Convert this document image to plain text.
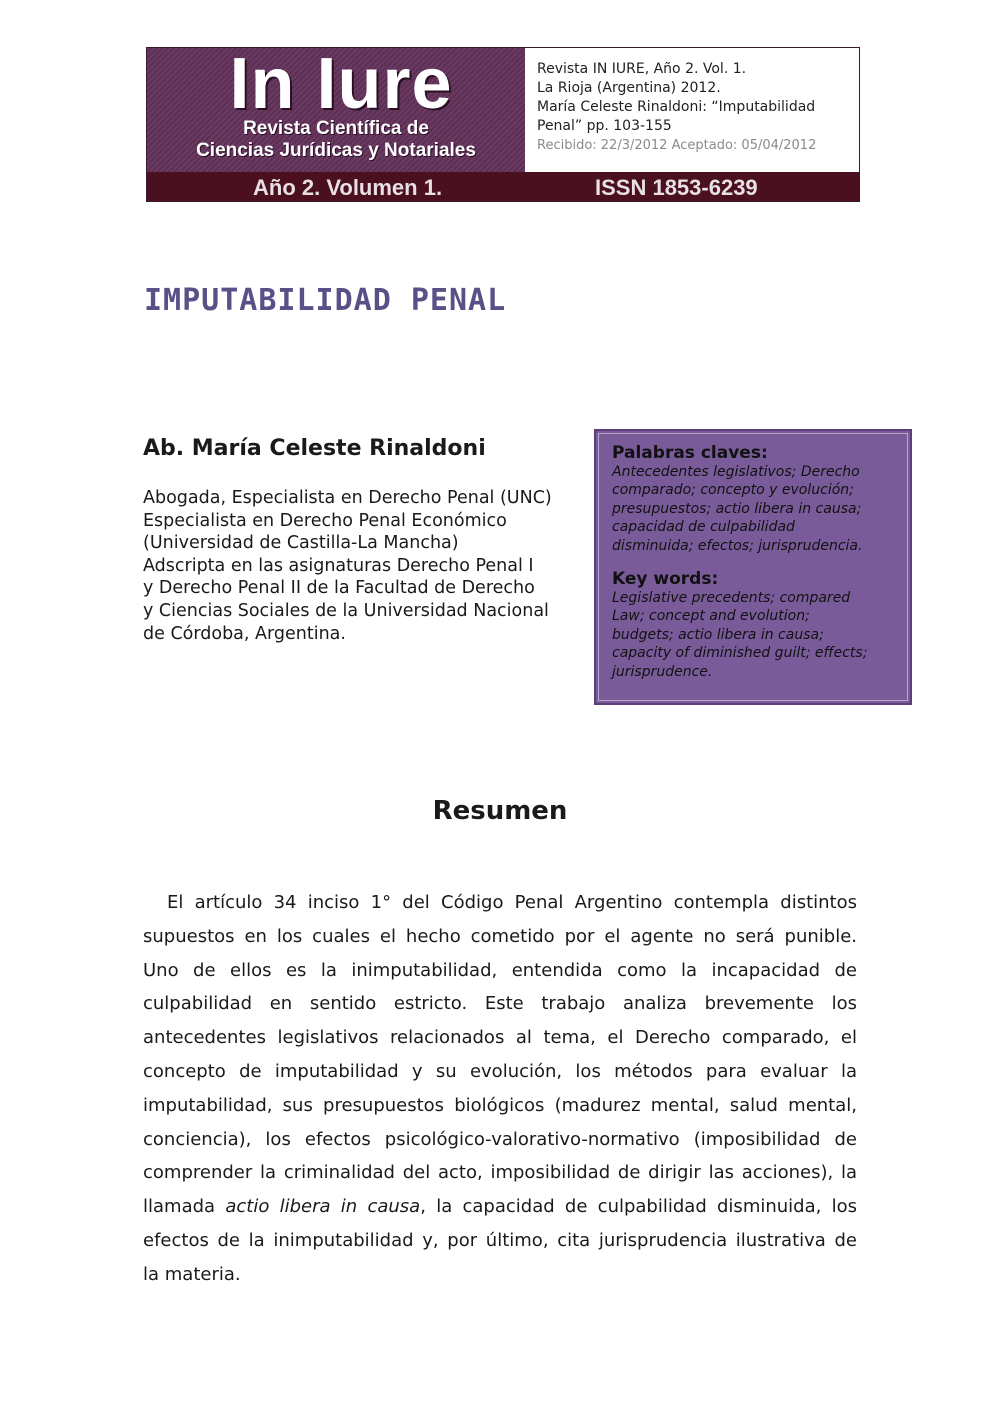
In Iure
Revista Científica de
Ciencias Jurídicas y Notariales
Revista IN IURE, Año 2. Vol. 1.
La Rioja (Argentina) 2012.
María Celeste Rinaldoni: “Imputabilidad
Penal” pp. 103-155
Recibido: 22/3/2012 Aceptado: 05/04/2012
Año 2. Volumen 1.	ISSN 1853-6239
IMPUTABILIDAD PENAL
Ab. María Celeste Rinaldoni
Abogada, Especialista en Derecho Penal (UNC)
Especialista en Derecho Penal Económico
(Universidad de Castilla-La Mancha)
Adscripta en las asignaturas Derecho Penal I
y Derecho Penal II de la Facultad de Derecho
y Ciencias Sociales de la Universidad Nacional
de Córdoba, Argentina.
Palabras claves:
Antecedentes legislativos; Derecho
comparado; concepto y evolución;
presupuestos; actio libera in causa;
capacidad de culpabilidad
disminuida; efectos; jurisprudencia.
Key words:
Legislative precedents; compared
Law; concept and evolution;
budgets; actio libera in causa;
capacity of diminished guilt; effects;
jurisprudence.
Resumen
El artículo 34 inciso 1° del Código Penal Argentino contempla distintos
supuestos en los cuales el hecho cometido por el agente no será punible.
Uno de ellos es la inimputabilidad, entendida como la incapacidad de
culpabilidad en sentido estricto. Este trabajo analiza brevemente los
antecedentes legislativos relacionados al tema, el Derecho comparado, el
concepto de imputabilidad y su evolución, los métodos para evaluar la
imputabilidad, sus presupuestos biológicos (madurez mental, salud mental,
conciencia), los efectos psicológico-valorativo-normativo (imposibilidad de
comprender la criminalidad del acto, imposibilidad de dirigir las acciones), la
llamada actio libera in causa, la capacidad de culpabilidad disminuida, los
efectos de la inimputabilidad y, por último, cita jurisprudencia ilustrativa de
la materia.
